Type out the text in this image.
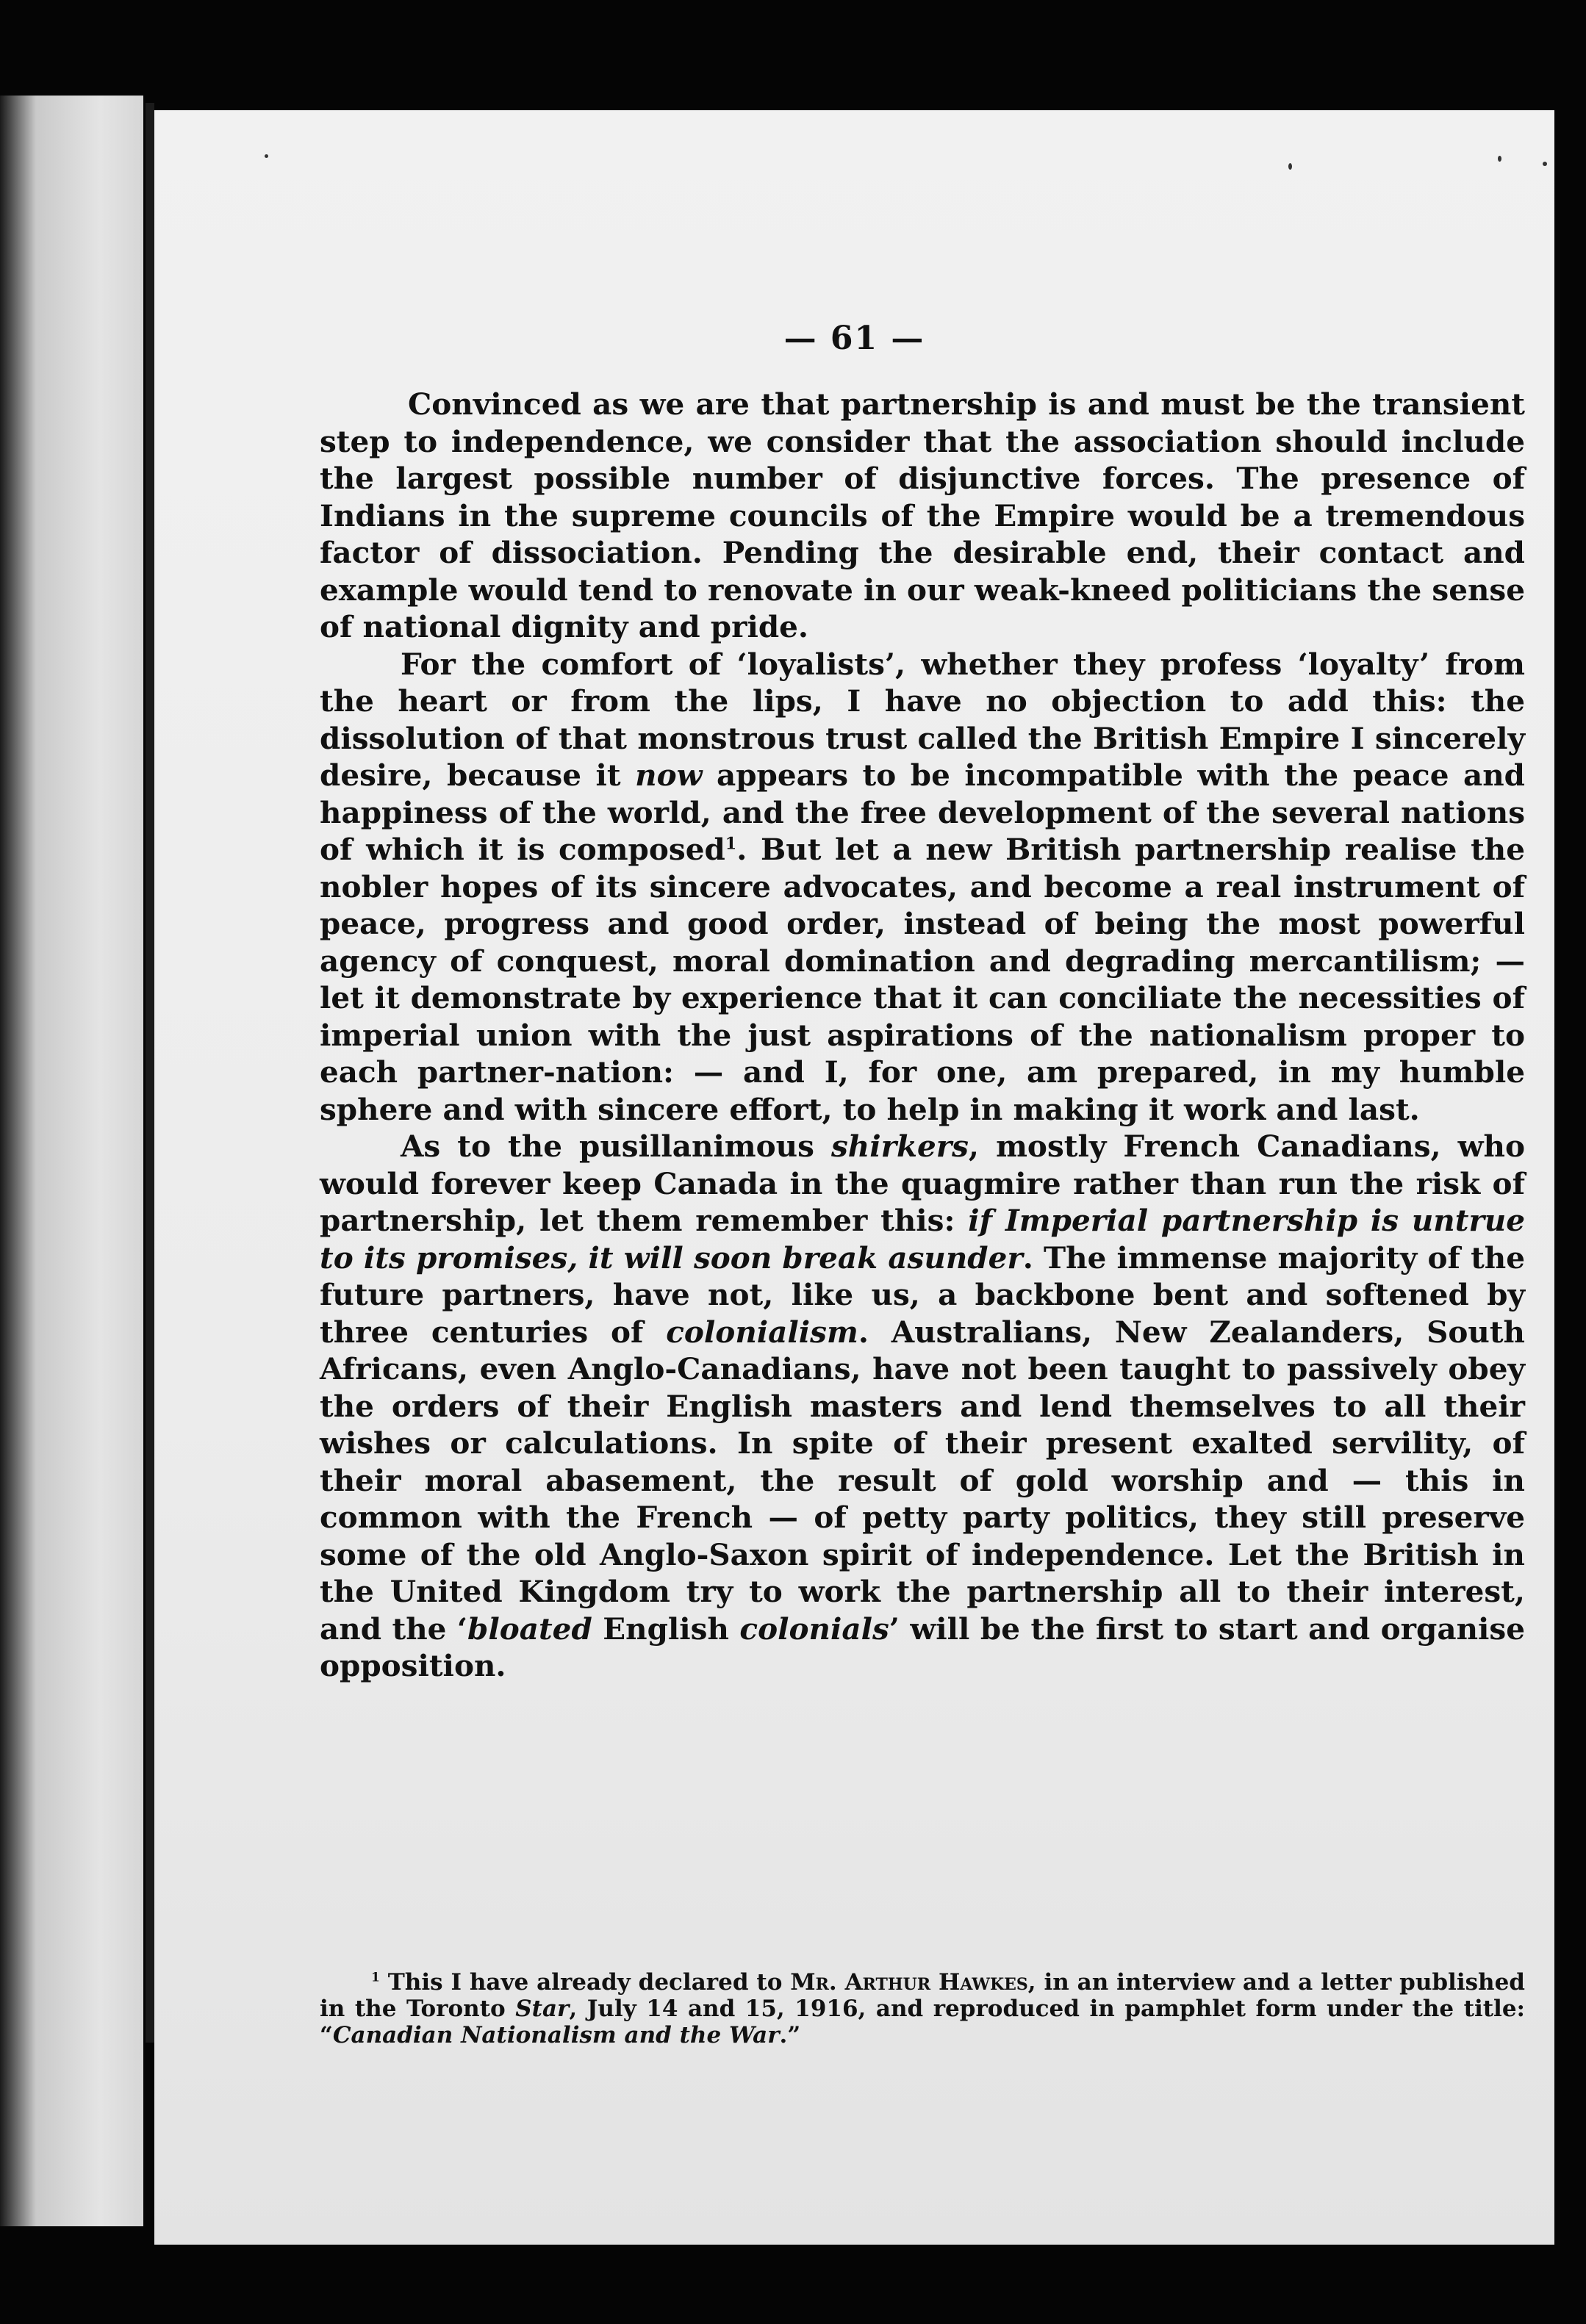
— 61 —

Convinced as we are that partnership is and must be the transient step to independence, we consider that the association should include the largest possible number of disjunctive forces. The presence of Indians in the supreme councils of the Empire would be a tremendous factor of dissociation. Pending the desirable end, their contact and example would tend to renovate in our weak-kneed politicians the sense of national dignity and pride.

For the comfort of ‘loyalists’, whether they profess ‘loyalty’ from the heart or from the lips, I have no objection to add this: the dissolution of that monstrous trust called the British Empire I sincerely desire, because it now appears to be incompatible with the peace and happiness of the world, and the free development of the several nations of which it is composed$^1$. But let a new British partnership realise the nobler hopes of its sincere advocates, and become a real instrument of peace, progress and good order, instead of being the most powerful agency of conquest, moral domination and degrading mercantilism; — let it demonstrate by experience that it can conciliate the necessities of imperial union with the just aspirations of the nationalism proper to each partner-nation: — and I, for one, am prepared, in my humble sphere and with sincere effort, to help in making it work and last.

As to the pusillanimous shirkers, mostly French Canadians, who would forever keep Canada in the quagmire rather than run the risk of partnership, let them remember this: if Imperial partnership is untrue to its promises, it will soon break asunder. The immense majority of the future partners, have not, like us, a backbone bent and softened by three centuries of colonialism. Australians, New Zealanders, South Africans, even Anglo-Canadians, have not been taught to passively obey the orders of their English masters and lend themselves to all their wishes or calculations. In spite of their present exalted servility, of their moral abasement, the result of gold worship and — this in common with the French — of petty party politics, they still preserve some of the old Anglo-Saxon spirit of independence. Let the British in the United Kingdom try to work the partnership all to their interest, and the ‘bloated English colonials’ will be the first to start and organise opposition.

$^1$ This I have already declared to Mr. Arthur Hawkes, in an interview and a letter published in the Toronto Star, July 14 and 15, 1916, and reproduced in pamphlet form under the title: “Canadian Nationalism and the War.”
